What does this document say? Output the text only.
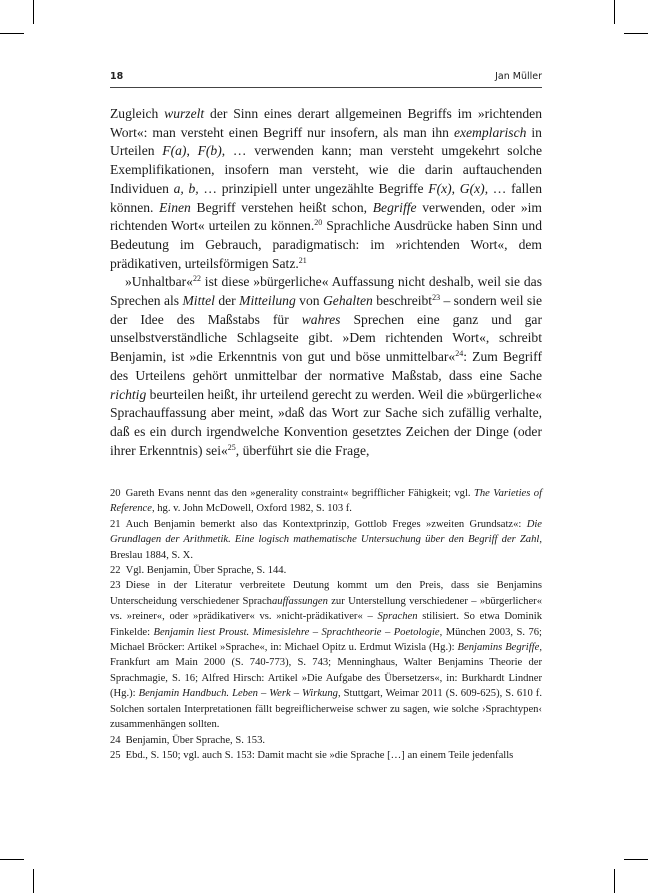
18	Jan Müller

Zugleich wurzelt der Sinn eines derart allgemeinen Begriffs im »richtenden Wort«: man versteht einen Begriff nur insofern, als man ihn exemplarisch in Urteilen F(a), F(b), … verwenden kann; man versteht umgekehrt solche Exemplifikationen, insofern man versteht, wie die darin auftauchenden Individuen a, b, … prinzipiell unter ungezählte Begriffe F(x), G(x), … fallen können. Einen Begriff verstehen heißt schon, Begriffe verwenden, oder »im richtenden Wort« urteilen zu können.$^{20}$ Sprachliche Ausdrücke haben Sinn und Bedeutung im Gebrauch, paradigmatisch: im »richtenden Wort«, dem prädikativen, urteilsförmigen Satz.$^{21}$

»Unhaltbar«$^{22}$ ist diese »bürgerliche« Auffassung nicht deshalb, weil sie das Sprechen als Mittel der Mitteilung von Gehalten beschreibt$^{23}$ – sondern weil sie der Idee des Maßstabs für wahres Sprechen eine ganz und gar unselbstverständliche Schlagseite gibt. »Dem richtenden Wort«, schreibt Benjamin, ist »die Erkenntnis von gut und böse unmittelbar«$^{24}$: Zum Begriff des Urteilens gehört unmittelbar der normative Maßstab, dass eine Sache richtig beurteilen heißt, ihr urteilend gerecht zu werden. Weil die »bürgerliche« Sprachauffassung aber meint, »daß das Wort zur Sache sich zufällig verhalte, daß es ein durch irgendwelche Konvention gesetztes Zeichen der Dinge (oder ihrer Erkenntnis) sei«$^{25}$, überführt sie die Frage,

20 Gareth Evans nennt das den »generality constraint« begrifflicher Fähigkeit; vgl. The Varieties of Reference, hg. v. John McDowell, Oxford 1982, S. 103 f.

21 Auch Benjamin bemerkt also das Kontextprinzip, Gottlob Freges »zweiten Grundsatz«: Die Grundlagen der Arithmetik. Eine logisch mathematische Untersuchung über den Begriff der Zahl, Breslau 1884, S. X.

22 Vgl. Benjamin, Über Sprache, S. 144.

23 Diese in der Literatur verbreitete Deutung kommt um den Preis, dass sie Benjamins Unterscheidung verschiedener Sprachauffassungen zur Unterstellung verschiedener – »bürgerlicher« vs. »reiner«, oder »prädikativer« vs. »nicht-prädikativer« – Sprachen stilisiert. So etwa Dominik Finkelde: Benjamin liest Proust. Mimesislehre – Sprachtheorie – Poetologie, München 2003, S. 76; Michael Bröcker: Artikel »Sprache«, in: Michael Opitz u. Erdmut Wizisla (Hg.): Benjamins Begriffe, Frankfurt am Main 2000 (S. 740-773), S. 743; Menninghaus, Walter Benjamins Theorie der Sprachmagie, S. 16; Alfred Hirsch: Artikel »Die Aufgabe des Übersetzers«, in: Burkhardt Lindner (Hg.): Benjamin Handbuch. Leben – Werk – Wirkung, Stuttgart, Weimar 2011 (S. 609-625), S. 610 f. Solchen sortalen Interpretationen fällt begreiflicherweise schwer zu sagen, wie solche ›Sprachtypen‹ zusammenhängen sollten.

24 Benjamin, Über Sprache, S. 153.

25 Ebd., S. 150; vgl. auch S. 153: Damit macht sie »die Sprache […] an einem Teile jedenfalls
